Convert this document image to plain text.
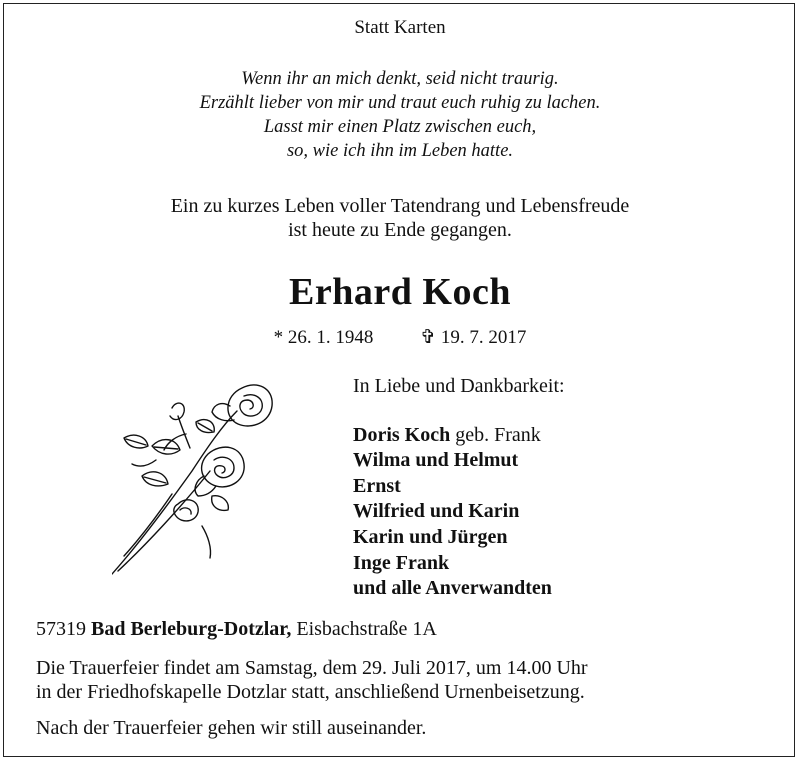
Statt Karten
Wenn ihr an mich denkt, seid nicht traurig.
Erzählt lieber von mir und traut euch ruhig zu lachen.
Lasst mir einen Platz zwischen euch,
so, wie ich ihn im Leben hatte.
Ein zu kurzes Leben voller Tatendrang und Lebensfreude
ist heute zu Ende gegangen.
Erhard Koch
* 26. 1. 1948 ✞ 19. 7. 2017
In Liebe und Dankbarkeit:
Doris Koch geb. Frank
Wilma und Helmut
Ernst
Wilfried und Karin
Karin und Jürgen
Inge Frank
und alle Anverwandten
57319 Bad Berleburg-Dotzlar, Eisbachstraße 1A
Die Trauerfeier findet am Samstag, dem 29. Juli 2017, um 14.00 Uhr
in der Friedhofskapelle Dotzlar statt, anschließend Urnenbeisetzung.
Nach der Trauerfeier gehen wir still auseinander.
